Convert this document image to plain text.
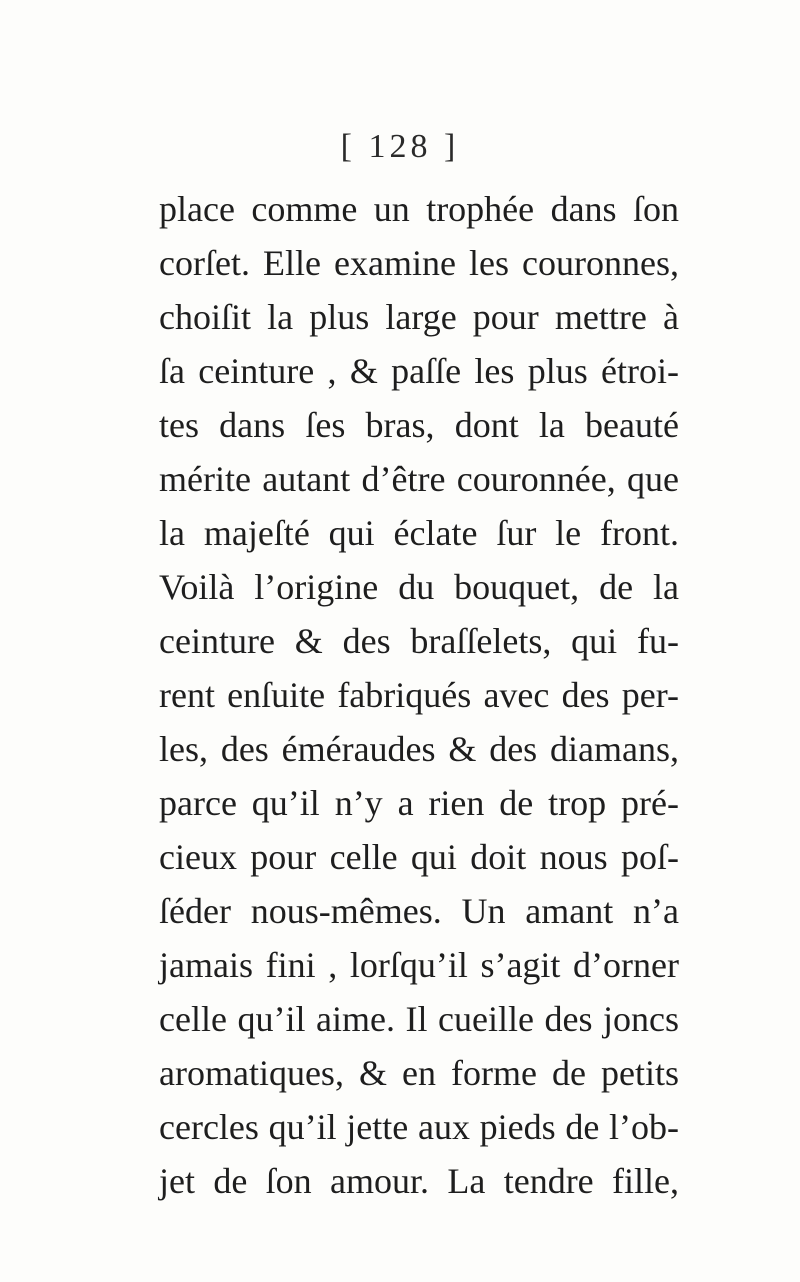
[ 128 ]
place comme un trophée dans ſon
corſet. Elle examine les couronnes,
choiſit la plus large pour mettre à
ſa ceinture , & paſſe les plus étroi-
tes dans ſes bras, dont la beauté
mérite autant d’être couronnée, que
la majeſté qui éclate ſur le front.
Voilà l’origine du bouquet, de la
ceinture & des braſſelets, qui fu-
rent enſuite fabriqués avec des per-
les, des éméraudes & des diamans,
parce qu’il n’y a rien de trop pré-
cieux pour celle qui doit nous poſ-
ſéder nous-mêmes. Un amant n’a
jamais fini , lorſqu’il s’agit d’orner
celle qu’il aime. Il cueille des joncs
aromatiques, & en forme de petits
cercles qu’il jette aux pieds de l’ob-
jet de ſon amour. La tendre fille,
